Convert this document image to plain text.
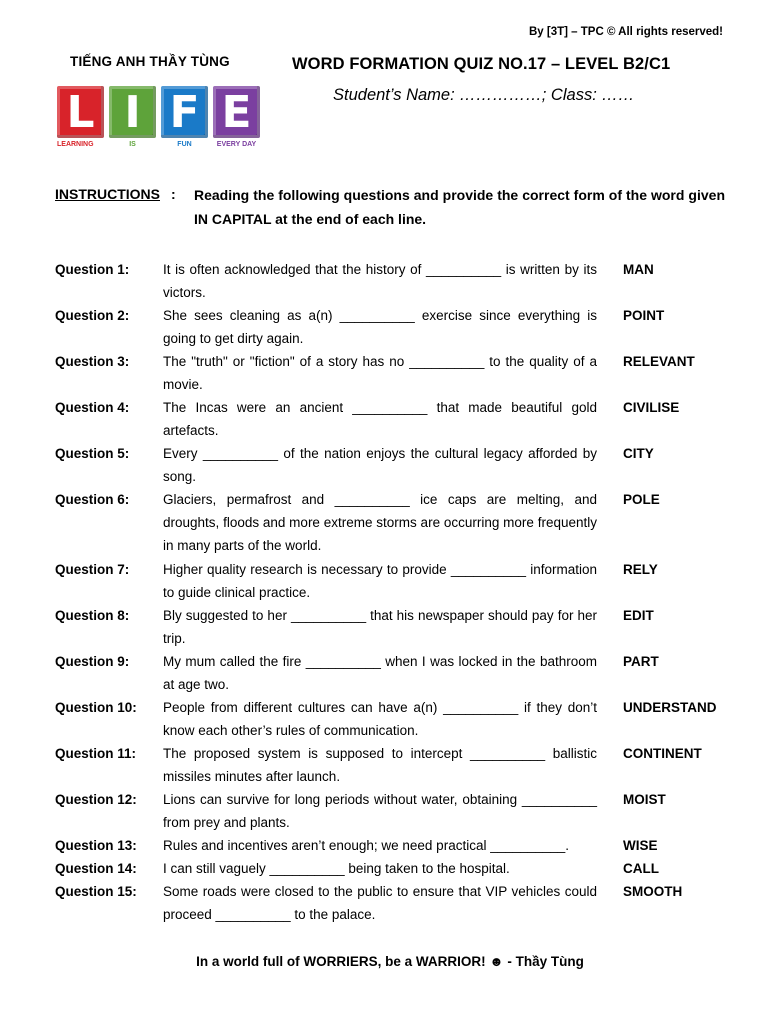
By [3T] – TPC © All rights reserved!
TIẾNG ANH THẦY TÙNG
L I F E
LEARNING	IS	FUN	EVERY DAY
WORD FORMATION QUIZ NO.17 – LEVEL B2/C1
Student’s Name: ……………; Class: ……
INSTRUCTIONS : Reading the following questions and provide the correct form of the word given IN CAPITAL at the end of each line.
Question 1: It is often acknowledged that the history of __________ is written by its victors.
MAN
Question 2: She sees cleaning as a(n) __________ exercise since everything is going to get dirty again.
POINT
Question 3: The "truth" or "fiction" of a story has no __________ to the quality of a movie.
RELEVANT
Question 4: The Incas were an ancient __________ that made beautiful gold artefacts.
CIVILISE
Question 5: Every __________ of the nation enjoys the cultural legacy afforded by song.
CITY
Question 6: Glaciers, permafrost and __________ ice caps are melting, and droughts, floods and more extreme storms are occurring more frequently in many parts of the world.
POLE
Question 7: Higher quality research is necessary to provide __________ information to guide clinical practice.
RELY
Question 8: Bly suggested to her __________ that his newspaper should pay for her trip.
EDIT
Question 9: My mum called the fire __________ when I was locked in the bathroom at age two.
PART
Question 10: People from different cultures can have a(n) __________ if they don’t know each other’s rules of communication.
UNDERSTAND
Question 11: The proposed system is supposed to intercept __________ ballistic missiles minutes after launch.
CONTINENT
Question 12: Lions can survive for long periods without water, obtaining __________ from prey and plants.
MOIST
Question 13: Rules and incentives aren’t enough; we need practical __________.	WISE
Question 14: I can still vaguely __________ being taken to the hospital.	CALL
Question 15: Some roads were closed to the public to ensure that VIP vehicles could proceed __________ to the palace.
SMOOTH
In a world full of WORRIERS, be a WARRIOR! ☻ - Thầy Tùng
